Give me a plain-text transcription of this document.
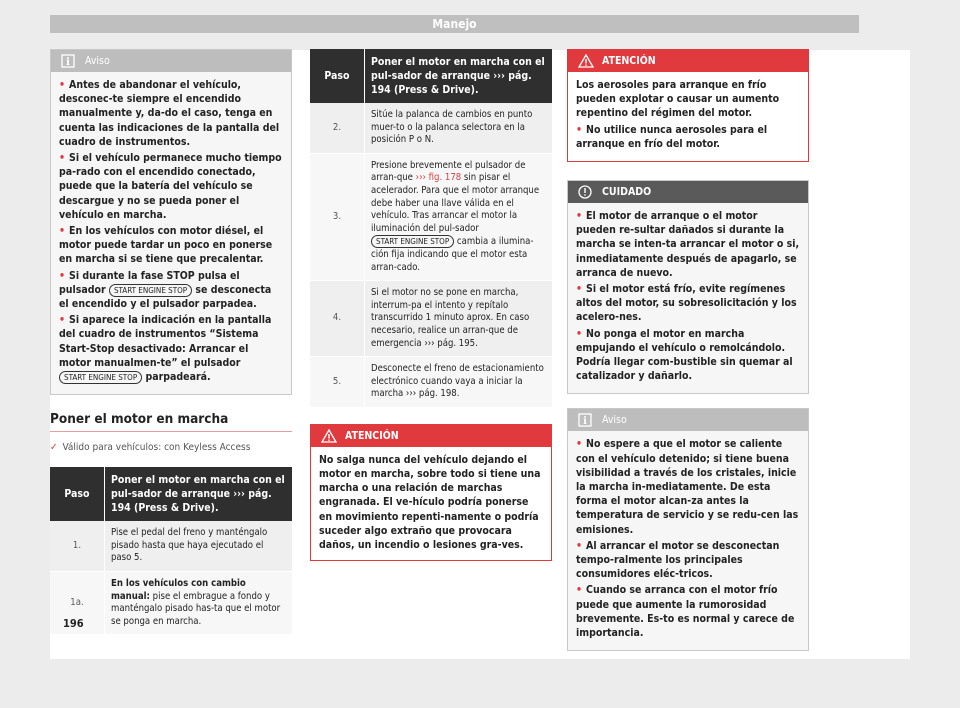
Manejo
i Aviso
• Antes de abandonar el vehículo, desconec-te siempre el encendido manualmente y, da-do el caso, tenga en cuenta las indicaciones de la pantalla del cuadro de instrumentos.
• Si el vehículo permanece mucho tiempo pa-rado con el encendido conectado, puede que la batería del vehículo se descargue y no se pueda poner el vehículo en marcha.
• En los vehículos con motor diésel, el motor puede tardar un poco en ponerse en marcha si se tiene que precalentar.
• Si durante la fase STOP pulsa el pulsador START ENGINE STOP se desconecta el encendido y el pulsador parpadea.
• Si aparece la indicación en la pantalla del cuadro de instrumentos “Sistema Start-Stop desactivado: Arrancar el motor manualmen-te” el pulsador START ENGINE STOP parpadeará.
Poner el motor en marcha
✓ Válido para vehículos: con Keyless Access
Paso	Poner el motor en marcha con el pul-sador de arranque ››› pág. 194 (Press & Drive).
1.	Pise el pedal del freno y manténgalo pisado hasta que haya ejecutado el paso 5.
1a.	En los vehículos con cambio manual: pise el embrague a fondo y manténgalo pisado has-ta que el motor se ponga en marcha.
Paso	Poner el motor en marcha con el pul-sador de arranque ››› pág. 194 (Press & Drive).
2.	Sitúe la palanca de cambios en punto muer-to o la palanca selectora en la posición P o N.
3.	Presione brevemente el pulsador de arran-que ››› fig. 178 sin pisar el acelerador. Para que el motor arranque debe haber una llave válida en el vehículo. Tras arrancar el motor la iluminación del pul-sador START ENGINE STOP cambia a ilumina-ción fija indicando que el motor esta arran-cado.
4.	Si el motor no se pone en marcha, interrum-pa el intento y repítalo transcurrido 1 minuto aprox. En caso necesario, realice un arran-que de emergencia ››› pág. 195.
5.	Desconecte el freno de estacionamiento electrónico cuando vaya a iniciar la marcha ››› pág. 198.
ATENCIÓN
No salga nunca del vehículo dejando el motor en marcha, sobre todo si tiene una marcha o una relación de marchas engranada. El ve-hículo podría ponerse en movimiento repenti-namente o podría suceder algo extraño que provocara daños, un incendio o lesiones gra-ves.
ATENCIÓN
Los aerosoles para arranque en frío pueden explotar o causar un aumento repentino del régimen del motor.
• No utilice nunca aerosoles para el arranque en frío del motor.
CUIDADO
• El motor de arranque o el motor pueden re-sultar dañados si durante la marcha se inten-ta arrancar el motor o si, inmediatamente después de apagarlo, se arranca de nuevo.
• Si el motor está frío, evite regímenes altos del motor, su sobresolicitación y los acelero-nes.
• No ponga el motor en marcha empujando el vehículo o remolcándolo. Podría llegar com-bustible sin quemar al catalizador y dañarlo.
i Aviso
• No espere a que el motor se caliente con el vehículo detenido; si tiene buena visibilidad a través de los cristales, inicie la marcha in-mediatamente. De esta forma el motor alcan-za antes la temperatura de servicio y se redu-cen las emisiones.
• Al arrancar el motor se desconectan tempo-ralmente los principales consumidores eléc-tricos.
• Cuando se arranca con el motor frío puede que aumente la rumorosidad brevemente. Es-to es normal y carece de importancia.
196
